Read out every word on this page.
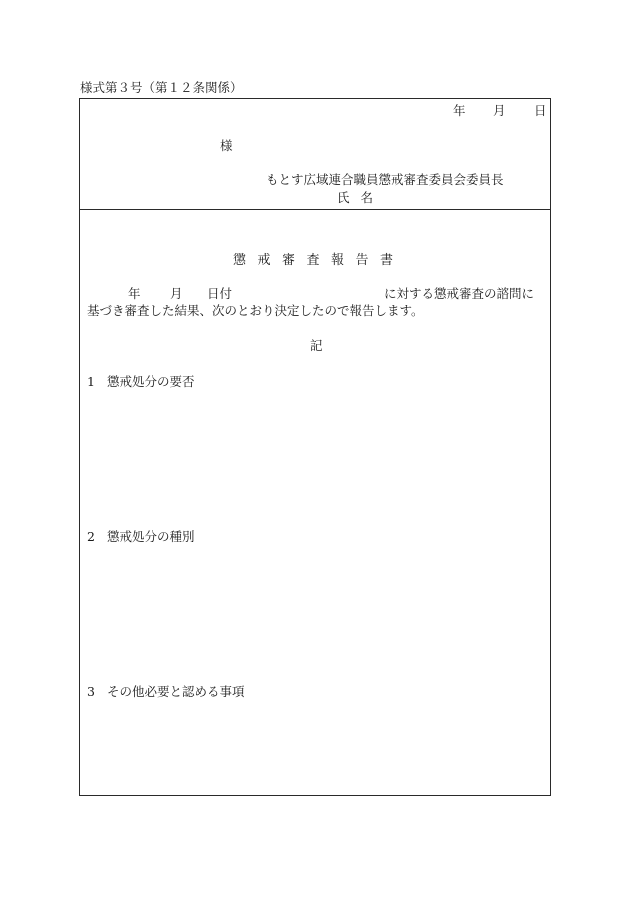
様式第３号（第１２条関係）
年 月 日
様
もとす広域連合職員懲戒審査委員会委員長
氏名
懲戒審査報告書
年 月 日付	に対する懲戒審査の諮問に
基づき審査した結果、次のとおり決定したので報告します。
記
1 懲戒処分の要否
2 懲戒処分の種別
3 その他必要と認める事項
